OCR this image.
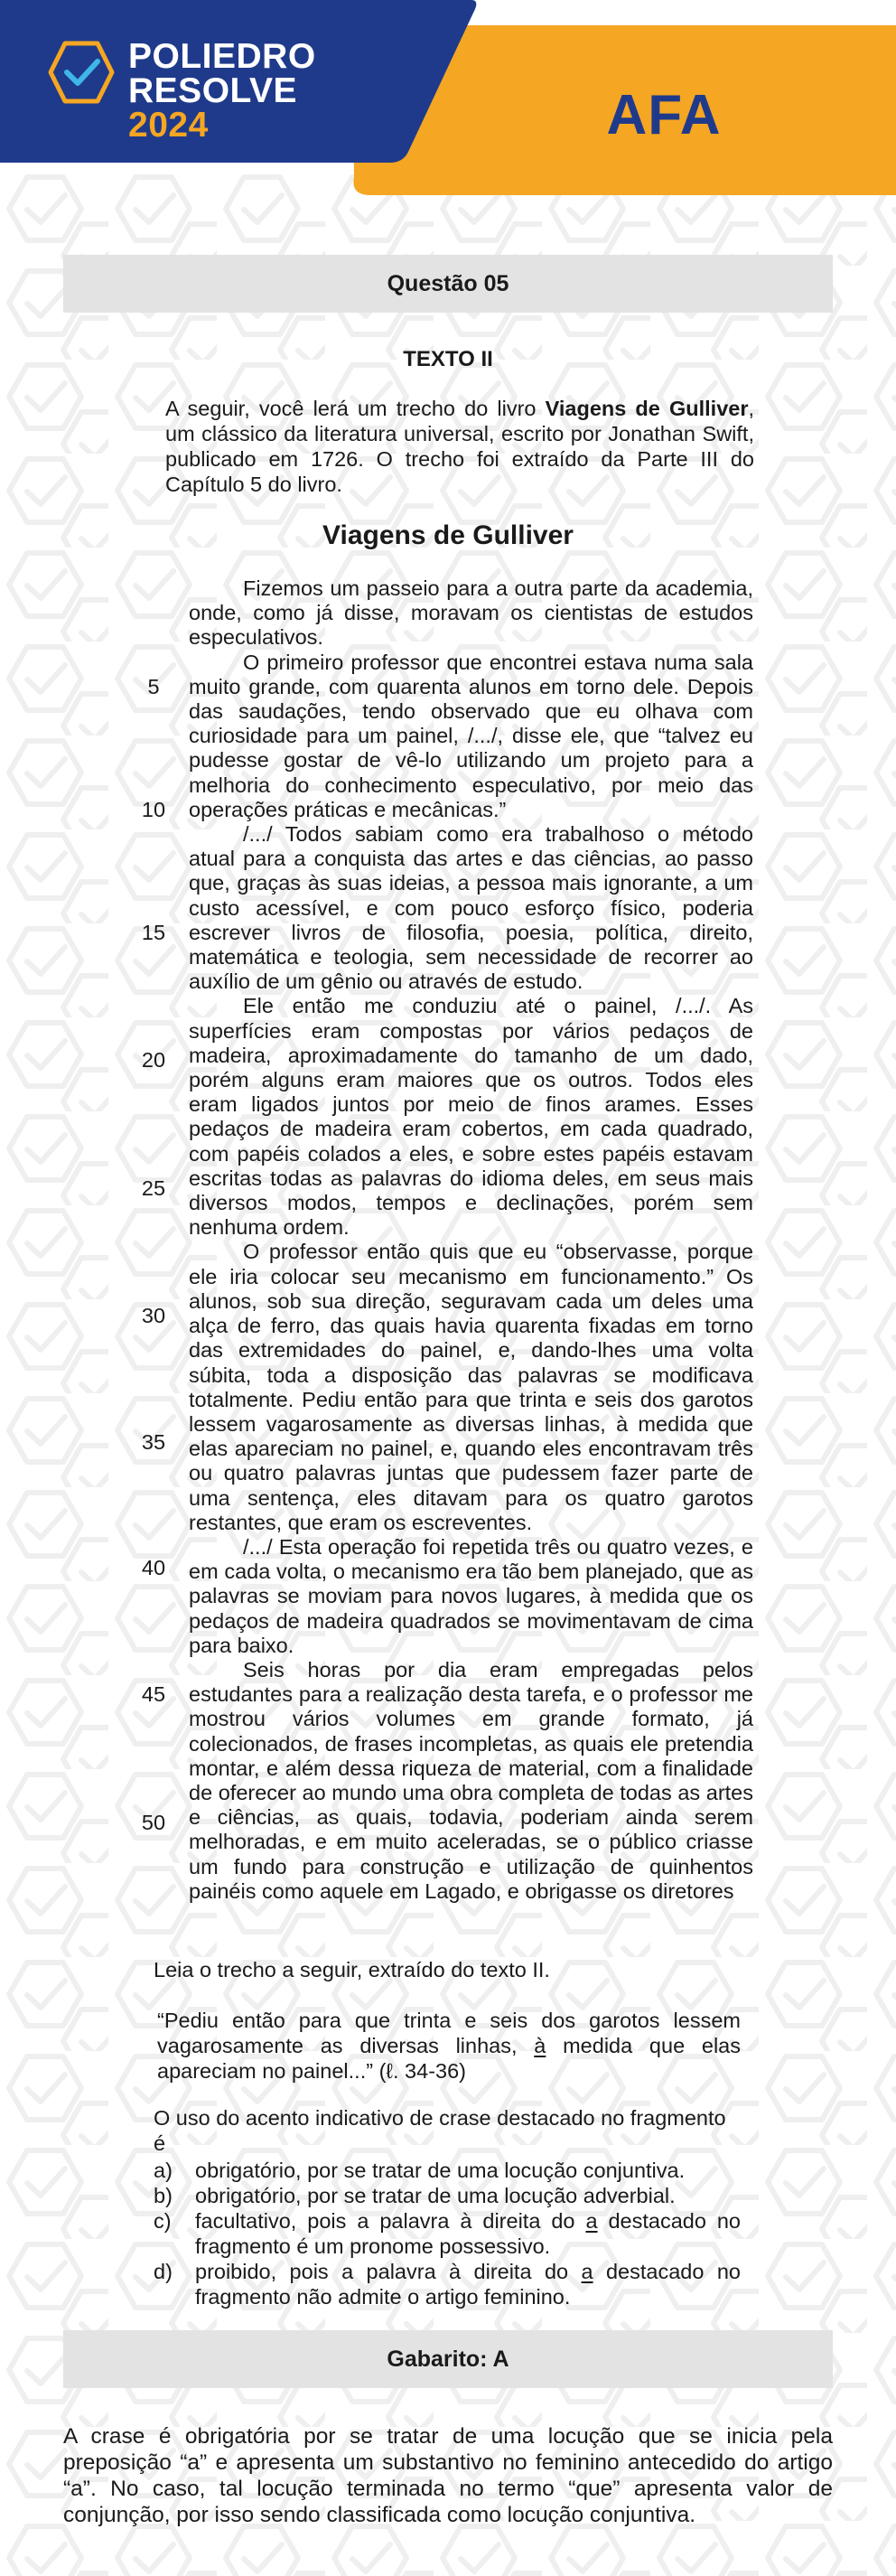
POLIEDRO
RESOLVE
2024	AFA
Questão 05
TEXTO II
A seguir, você lerá um trecho do livro Viagens de Gulliver, um clássico da literatura universal, escrito por Jonathan Swift, publicado em 1726. O trecho foi extraído da Parte III do Capítulo 5 do livro.
Viagens de Gulliver
5
10
15
20
25
30
35
40
45
50

Fizemos um passeio para a outra parte da academia, onde, como já disse, moravam os cientistas de estudos especulativos.

O primeiro professor que encontrei estava numa sala muito grande, com quarenta alunos em torno dele. Depois das saudações, tendo observado que eu olhava com curiosidade para um painel, /.../, disse ele, que “talvez eu pudesse gostar de vê-lo utilizando um projeto para a melhoria do conhecimento especulativo, por meio das operações práticas e mecânicas.”

/.../ Todos sabiam como era trabalhoso o método atual para a conquista das artes e das ciências, ao passo que, graças às suas ideias, a pessoa mais ignorante, a um custo acessível, e com pouco esforço físico, poderia escrever livros de filosofia, poesia, política, direito, matemática e teologia, sem necessidade de recorrer ao auxílio de um gênio ou através de estudo.

Ele então me conduziu até o painel, /.../. As superfícies eram compostas por vários pedaços de madeira, aproximadamente do tamanho de um dado, porém alguns eram maiores que os outros. Todos eles eram ligados juntos por meio de finos arames. Esses pedaços de madeira eram cobertos, em cada quadrado, com papéis colados a eles, e sobre estes papéis estavam escritas todas as palavras do idioma deles, em seus mais diversos modos, tempos e declinações, porém sem nenhuma ordem.

O professor então quis que eu “observasse, porque ele iria colocar seu mecanismo em funcionamento.” Os alunos, sob sua direção, seguravam cada um deles uma alça de ferro, das quais havia quarenta fixadas em torno das extremidades do painel, e, dando-lhes uma volta súbita, toda a disposição das palavras se modificava totalmente. Pediu então para que trinta e seis dos garotos lessem vagarosamente as diversas linhas, à medida que elas apareciam no painel, e, quando eles encontravam três ou quatro palavras juntas que pudessem fazer parte de uma sentença, eles ditavam para os quatro garotos restantes, que eram os escreventes.

/.../ Esta operação foi repetida três ou quatro vezes, e em cada volta, o mecanismo era tão bem planejado, que as palavras se moviam para novos lugares, à medida que os pedaços de madeira quadrados se movimentavam de cima para baixo.

Seis horas por dia eram empregadas pelos estudantes para a realização desta tarefa, e o professor me mostrou vários volumes em grande formato, já colecionados, de frases incompletas, as quais ele pretendia montar, e além dessa riqueza de material, com a finalidade de oferecer ao mundo uma obra completa de todas as artes e ciências, as quais, todavia, poderiam ainda serem melhoradas, e em muito aceleradas, se o público criasse um fundo para construção e utilização de quinhentos painéis como aquele em Lagado, e obrigasse os diretores

Leia o trecho a seguir, extraído do texto II.

“Pediu então para que trinta e seis dos garotos lessem vagarosamente as diversas linhas, à medida que elas apareciam no painel...” (ℓ. 34-36)

O uso do acento indicativo de crase destacado no fragmento é

a)	obrigatório, por se tratar de uma locução conjuntiva.
b)	obrigatório, por se tratar de uma locução adverbial.
c)	facultativo, pois a palavra à direita do a destacado no fragmento é um pronome possessivo.
d)	proibido, pois a palavra à direita do a destacado no fragmento não admite o artigo feminino.
Gabarito: A
A crase é obrigatória por se tratar de uma locução que se inicia pela preposição “a” e apresenta um substantivo no feminino antecedido do artigo “a”. No caso, tal locução terminada no termo “que” apresenta valor de conjunção, por isso sendo classificada como locução conjuntiva.
